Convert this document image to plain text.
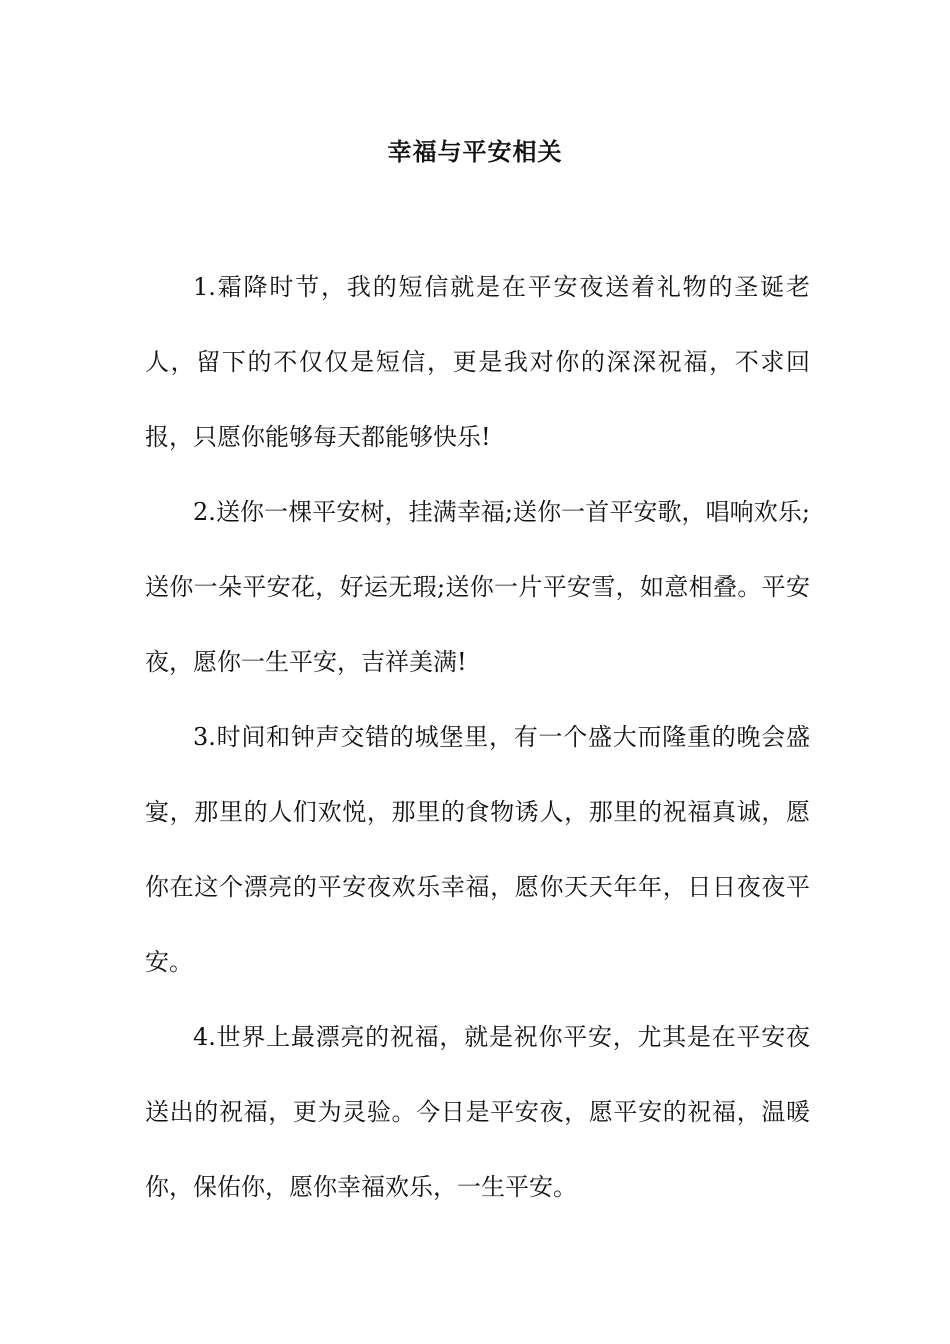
幸福与平安相关

1.霜降时节，我的短信就是在平安夜送着礼物的圣诞老人，留下的不仅仅是短信，更是我对你的深深祝福，不求回报，只愿你能够每天都能够快乐!

2.送你一棵平安树，挂满幸福;送你一首平安歌，唱响欢乐;送你一朵平安花，好运无瑕;送你一片平安雪，如意相叠。平安夜，愿你一生平安，吉祥美满!

3.时间和钟声交错的城堡里，有一个盛大而隆重的晚会盛宴，那里的人们欢悦，那里的食物诱人，那里的祝福真诚，愿你在这个漂亮的平安夜欢乐幸福，愿你天天年年，日日夜夜平安。

4.世界上最漂亮的祝福，就是祝你平安，尤其是在平安夜送出的祝福，更为灵验。今日是平安夜，愿平安的祝福，温暖你，保佑你，愿你幸福欢乐，一生平安。
